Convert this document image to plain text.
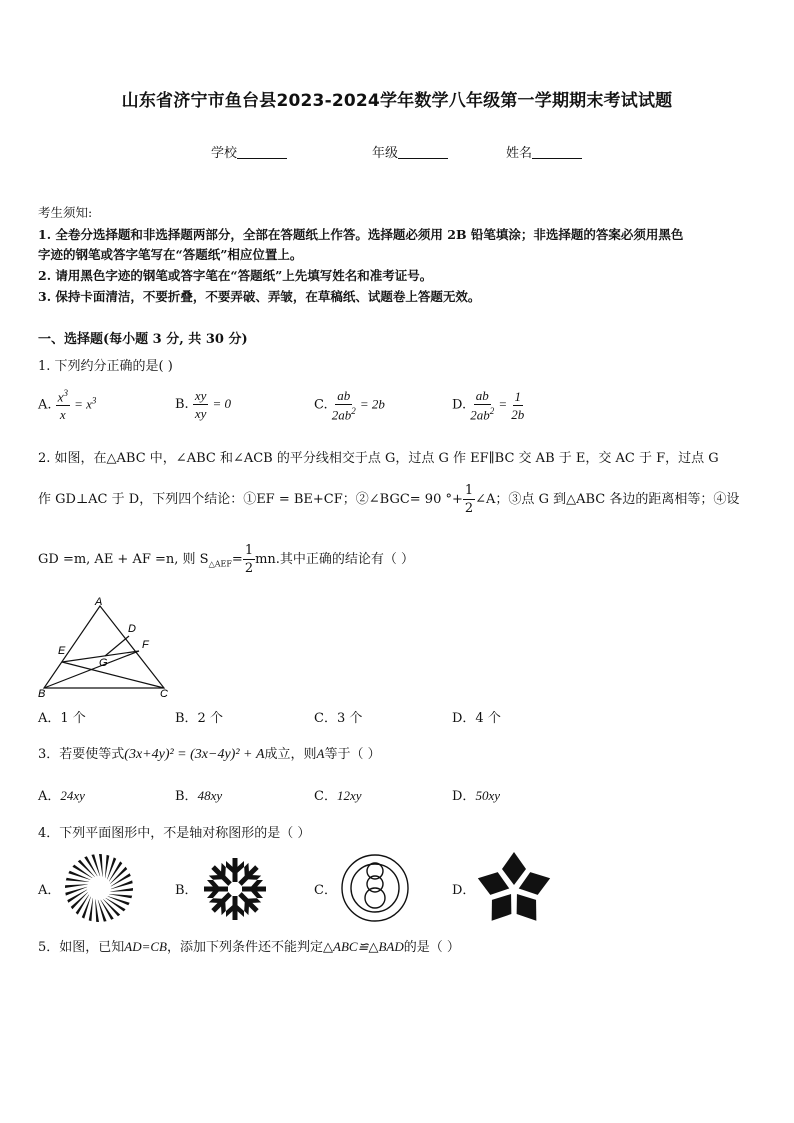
山东省济宁市鱼台县2023-2024学年数学八年级第一学期期末考试试题
学校	年级	姓名
考生须知:
1. 全卷分选择题和非选择题两部分，全部在答题纸上作答。选择题必须用 2B 铅笔填涂；非选择题的答案必须用黑色
字迹的钢笔或答字笔写在“答题纸”相应位置上。
2. 请用黑色字迹的钢笔或答字笔在“答题纸”上先填写姓名和准考证号。
3. 保持卡面清洁，不要折叠，不要弄破、弄皱，在草稿纸、试题卷上答题无效。
一、选择题(每小题 3 分, 共 30 分)
1. 下列约分正确的是( )
A. $\frac{x^3}{x} = x^3$	B. $\frac{xy}{xy} = 0$	C. $\frac{ab}{2ab^2} = 2b$	D. $\frac{ab}{2ab^2} = \frac{1}{2b}$
2. 如图，在△ABC 中，∠ABC 和∠ACB 的平分线相交于点 G，过点 G 作 EF∥BC 交 AB 于 E，交 AC 于 F，过点 G
作 GD⊥AC 于 D，下列四个结论：①EF = BE+CF；②∠BGC= 90 °+ $\frac{1}{2}$ ∠A；③点 G 到△ABC 各边的距离相等；④设
GD =m, AE + AF =n, 则 $S_{\triangle AEF}= \frac{1}{2}$ mn.其中正确的结论有（ ）
A
B	C
D
E	F
G
A．1 个	B．2 个	C．3 个	D．4 个
3．若要使等式(3x+4y)² = (3x−4y)² + A成立，则A等于（ ）
A．24xy	B．48xy	C．12xy	D．50xy
4．下列平面图形中，不是轴对称图形的是（ ）
A．	B．	C．	D．
5．如图，已知AD=CB，添加下列条件还不能判定△ABC≌△BAD的是（ ）
